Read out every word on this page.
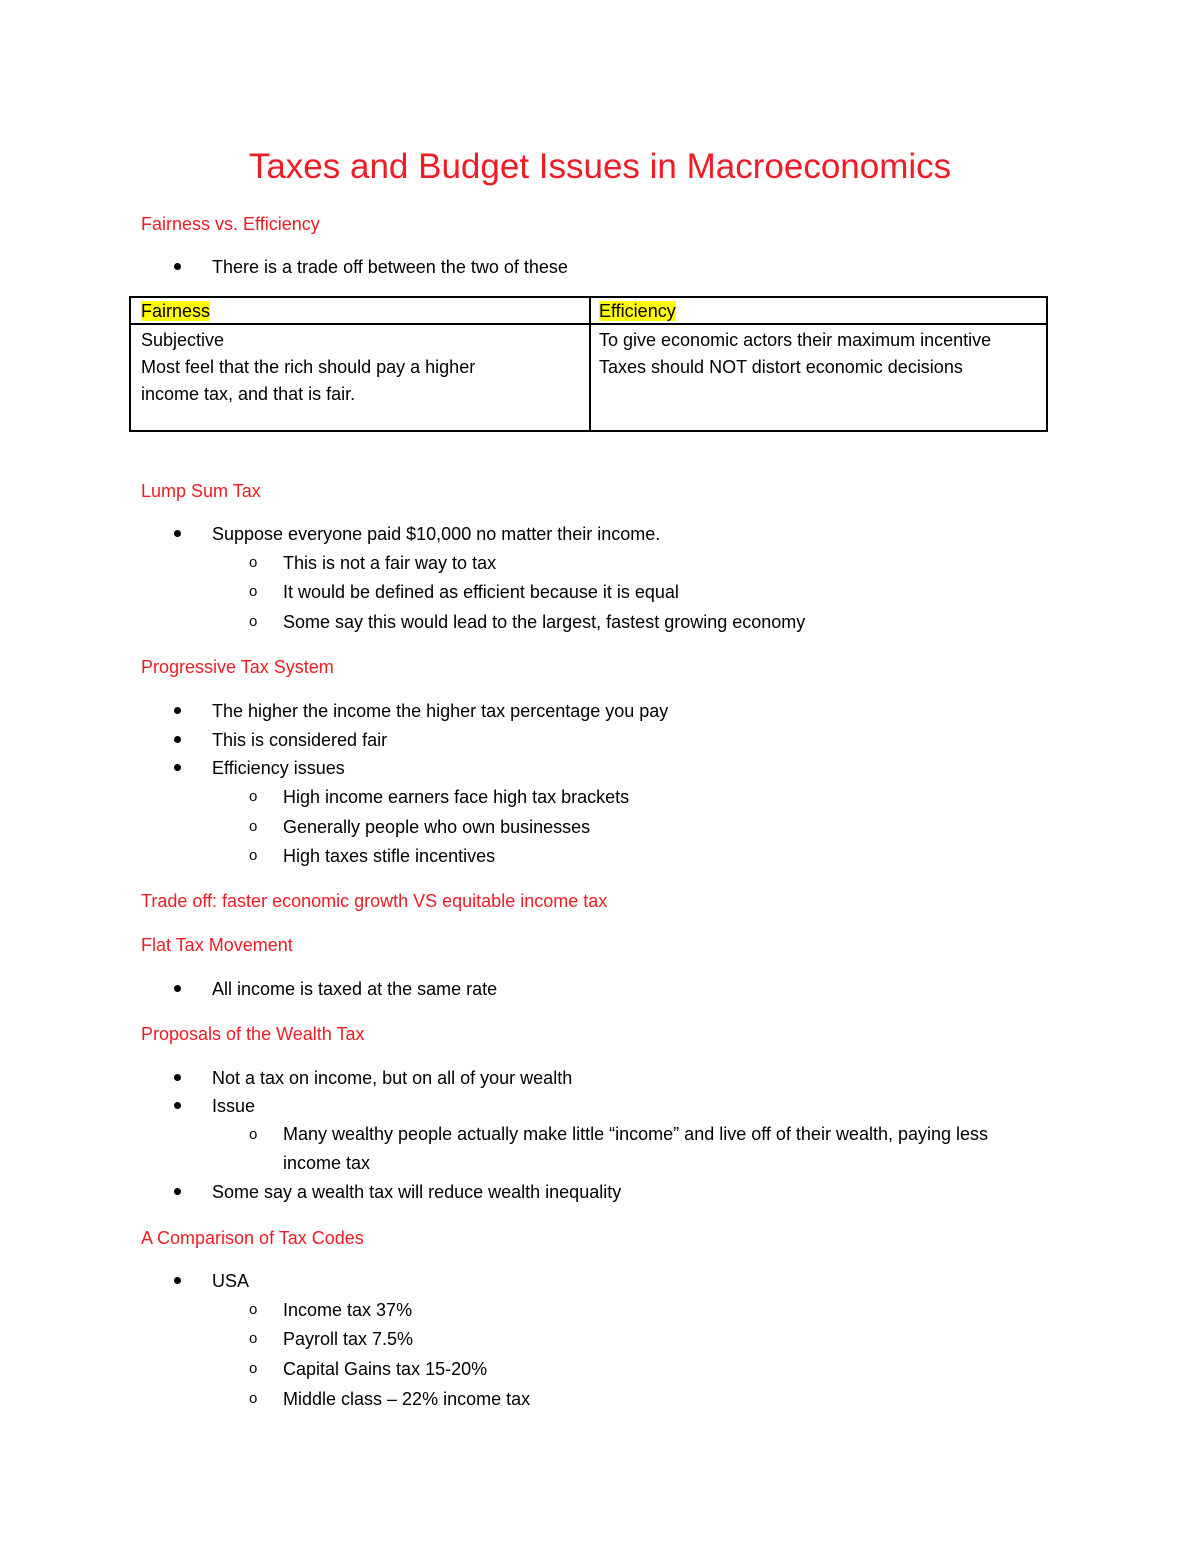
Taxes and Budget Issues in Macroeconomics
Fairness vs. Efficiency
There is a trade off between the two of these
Fairness	Efficiency
Subjective
Most feel that the rich should pay a higher
income tax, and that is fair.
To give economic actors their maximum incentive
Taxes should NOT distort economic decisions
Lump Sum Tax
Suppose everyone paid $10,000 no matter their income.
o This is not a fair way to tax
o It would be defined as efficient because it is equal
o Some say this would lead to the largest, fastest growing economy
Progressive Tax System
The higher the income the higher tax percentage you pay
This is considered fair
Efficiency issues
o High income earners face high tax brackets
o Generally people who own businesses
o High taxes stifle incentives
Trade off: faster economic growth VS equitable income tax
Flat Tax Movement
All income is taxed at the same rate
Proposals of the Wealth Tax
Not a tax on income, but on all of your wealth
Issue
o Many wealthy people actually make little “income” and live off of their wealth, paying less income tax
Some say a wealth tax will reduce wealth inequality
A Comparison of Tax Codes
USA
o Income tax 37%
o Payroll tax 7.5%
o Capital Gains tax 15-20%
o Middle class – 22% income tax
